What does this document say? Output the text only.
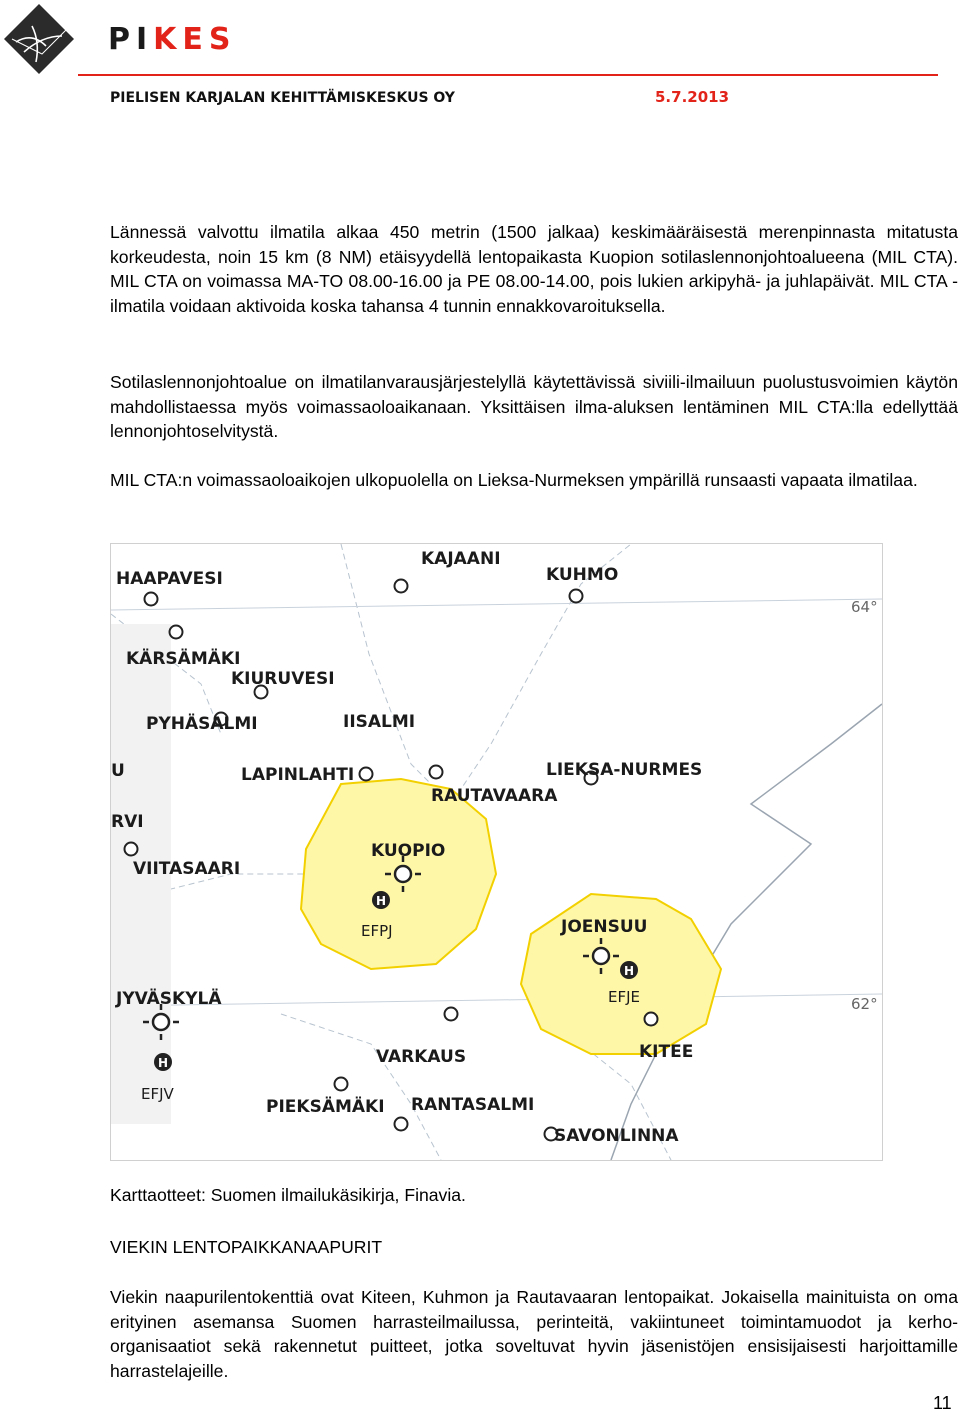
PIKES
PIELISEN KARJALAN KEHITTÄMISKESKUS OY	5.7.2013

Lännessä valvottu ilmatila alkaa 450 metrin (1500 jalkaa) keskimääräisestä merenpinnasta mitatusta korkeudesta, noin 15 km (8 NM) etäisyydellä lentopaikasta Kuopion sotilaslennonjohtoalueena (MIL CTA). MIL CTA on voimassa MA-TO 08.00-16.00 ja PE 08.00-14.00, pois lukien arkipyhä- ja juhlapäivät. MIL CTA -ilmatila voidaan aktivoida koska tahansa 4 tunnin ennakkovaroituksella.

Sotilaslennonjohtoalue on ilmatilanvarausjärjestelyllä käytettävissä siviili-ilmailuun puolustusvoimien käytön mahdollistaessa myös voimassaoloaikanaan. Yksittäisen ilma-aluksen lentäminen MIL CTA:lla edellyttää lennonjohtoselvitystä.

MIL CTA:n voimassaoloaikojen ulkopuolella on Lieksa-Nurmeksen ympärillä runsaasti vapaata ilmatilaa.

H
H
H
HAAPAVESI
KAJAANI
KUHMO
KÄRSÄMÄKI
KIURUVESI
PYHÄSALMI	IISALMI
U	LAPINLAHTI	LIEKSA-NURMES
RAUTAVAARA
RVI
KUOPIO
VIITASAARI
JOENSUU
JYVÄSKYLÄ
VARKAUS	KITEE
PIEKSÄMÄKI RANTASALMI
SAVONLINNA
EFPJ
EFJE
EFJV
64°
62°
Karttaotteet: Suomen ilmailukäsikirja, Finavia.
VIEKIN LENTOPAIKKANAAPURIT

Viekin naapurilentokenttiä ovat Kiteen, Kuhmon ja Rautavaaran lentopaikat. Jokaisella mainituista on oma erityinen asemansa Suomen harrasteilmailussa, perinteitä, vakiintuneet toimintamuodot ja kerho-organisaatiot sekä rakennetut puitteet, jotka soveltuvat hyvin jäsenistöjen ensisijaisesti harjoittamille harrastelajeille.

11
